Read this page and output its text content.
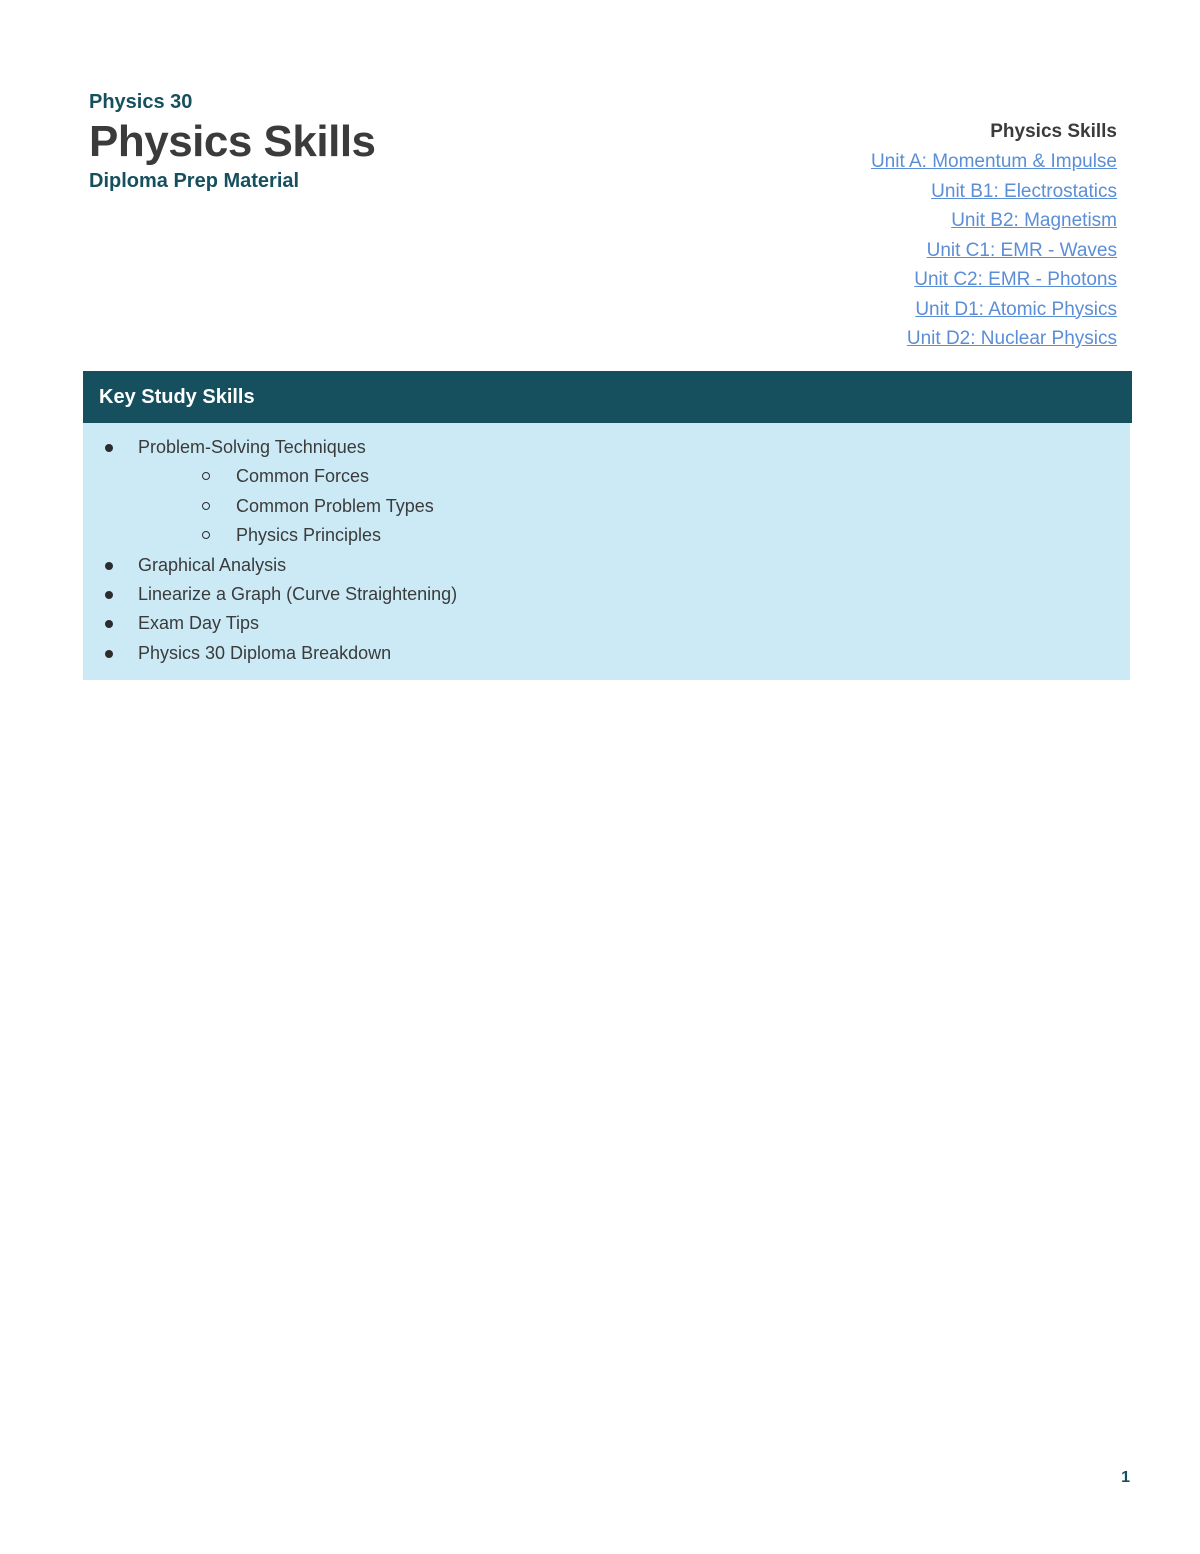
Physics 30

Physics Skills

Diploma Prep Material

Physics Skills
Unit A: Momentum & Impulse
Unit B1: Electrostatics
Unit B2: Magnetism
Unit C1: EMR - Waves
Unit C2: EMR - Photons
Unit D1: Atomic Physics
Unit D2: Nuclear Physics
Key Study Skills
Problem-Solving Techniques
Common Forces
Common Problem Types
Physics Principles
Graphical Analysis
Linearize a Graph (Curve Straightening)
Exam Day Tips
Physics 30 Diploma Breakdown
1
